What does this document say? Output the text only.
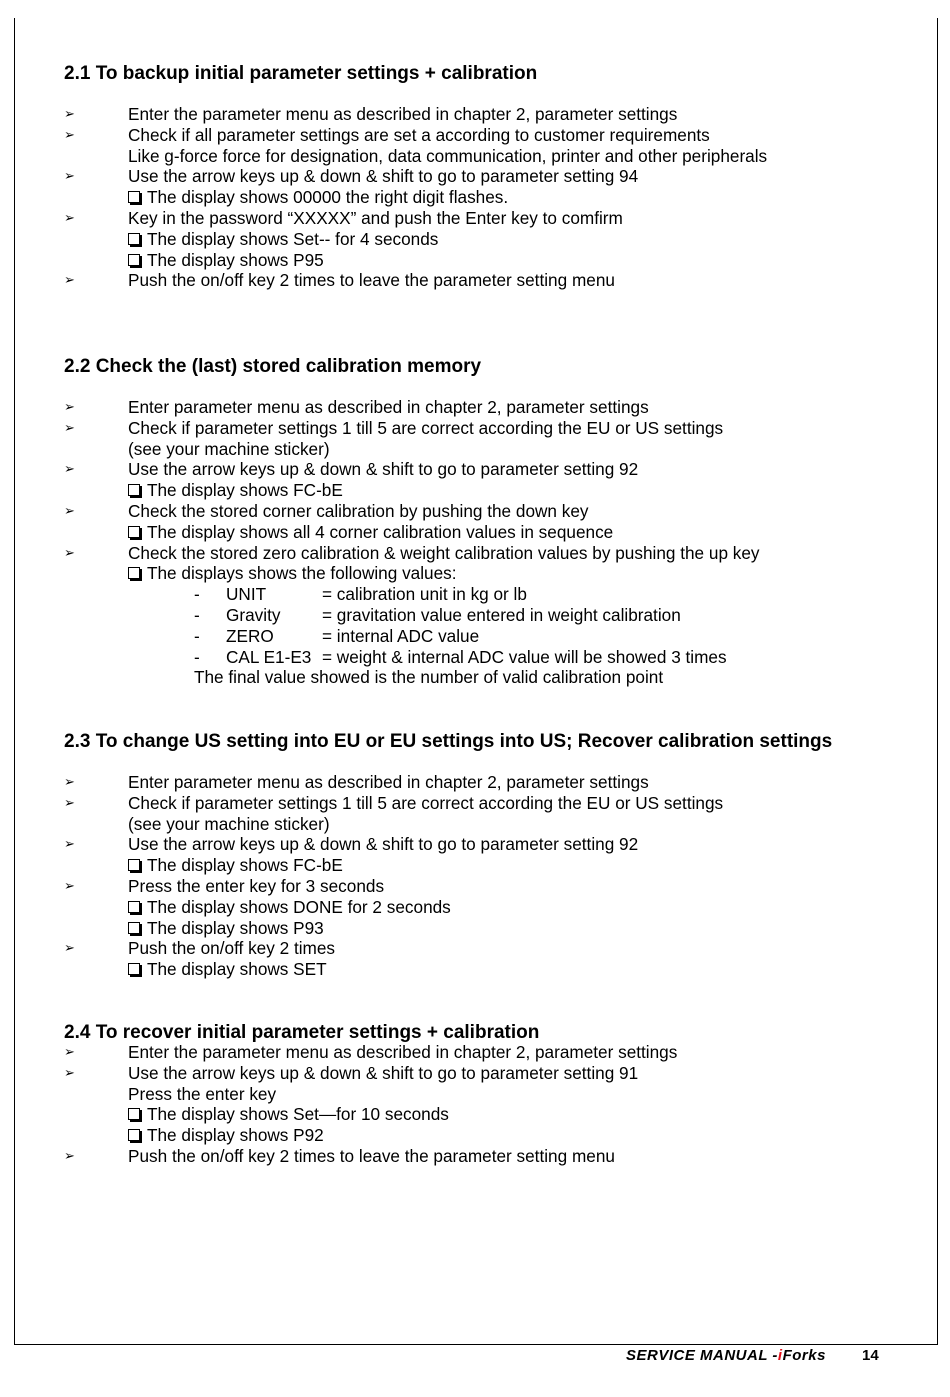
2.1 To backup initial parameter settings + calibration
➢	Enter the parameter menu as described in chapter 2, parameter settings
➢	Check if all parameter settings are set a according to customer requirements
Like g-force force for designation, data communication, printer and other peripherals
➢	Use the arrow keys up & down & shift to go to parameter setting 94
The display shows 00000 the right digit flashes.
➢	Key in the password “XXXXX” and push the Enter key to comfirm
The display shows Set-- for 4 seconds
The display shows P95
➢	Push the on/off key 2 times to leave the parameter setting menu
2.2 Check the (last) stored calibration memory
➢	Enter parameter menu as described in chapter 2, parameter settings
➢	Check if parameter settings 1 till 5 are correct according the EU or US settings
(see your machine sticker)
➢	Use the arrow keys up & down & shift to go to parameter setting 92
The display shows FC-bE
➢	Check the stored corner calibration by pushing the down key
The display shows all 4 corner calibration values in sequence
➢	Check the stored zero calibration & weight calibration values by pushing the up key
The displays shows the following values:
- UNIT	= calibration unit in kg or lb
- Gravity = gravitation value entered in weight calibration
- ZERO	= internal ADC value
- CAL E1-E3 = weight & internal ADC value will be showed 3 times
The final value showed is the number of valid calibration point
2.3 To change US setting into EU or EU settings into US; Recover calibration settings
➢	Enter parameter menu as described in chapter 2, parameter settings
➢	Check if parameter settings 1 till 5 are correct according the EU or US settings
(see your machine sticker)
➢	Use the arrow keys up & down & shift to go to parameter setting 92
The display shows FC-bE
➢	Press the enter key for 3 seconds
The display shows DONE for 2 seconds
The display shows P93
➢	Push the on/off key 2 times
The display shows SET
2.4 To recover initial parameter settings + calibration
➢	Enter the parameter menu as described in chapter 2, parameter settings
➢	Use the arrow keys up & down & shift to go to parameter setting 91
Press the enter key
The display shows Set—for 10 seconds
The display shows P92
➢	Push the on/off key 2 times to leave the parameter setting menu
SERVICE MANUAL -iForks 14
